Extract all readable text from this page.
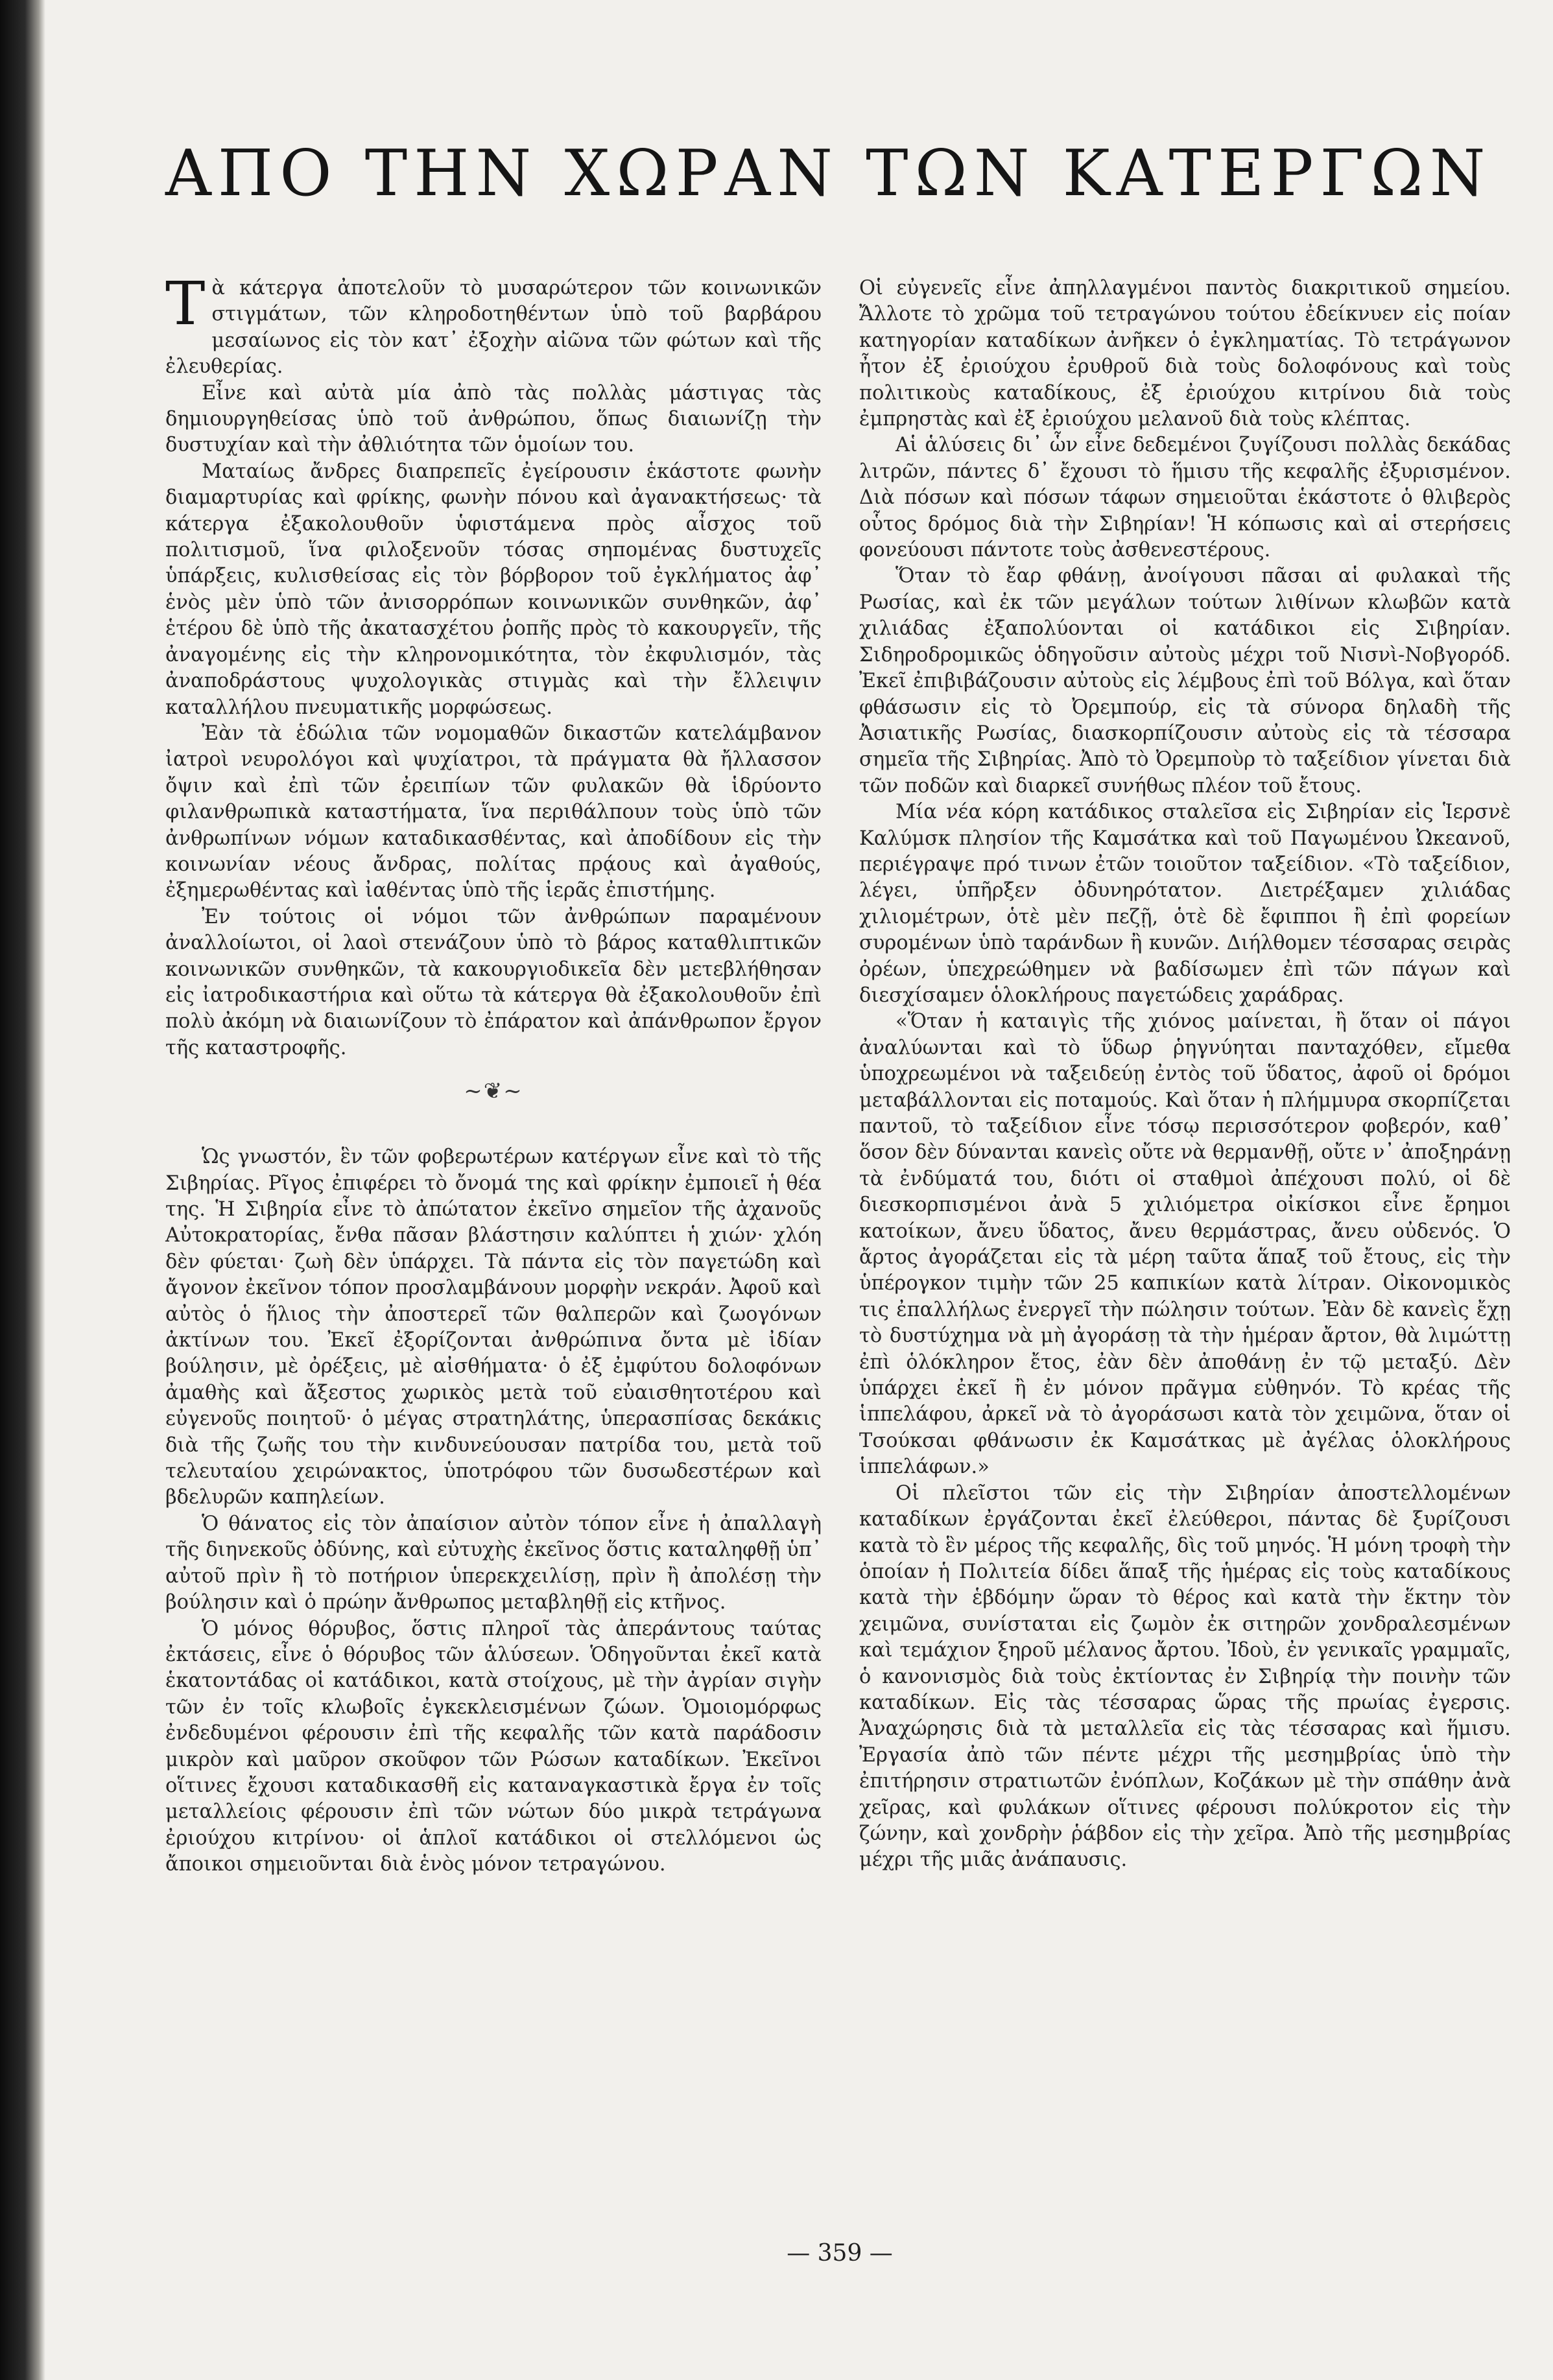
ΑΠΟ ΤΗΝ ΧΩΡΑΝ ΤΩΝ ΚΑΤΕΡΓΩΝ

Τὰ κάτεργα ἀποτελοῦν τὸ μυσαρώτερον τῶν κοινωνικῶν στιγμάτων, τῶν κληροδοτηθέντων ὑπὸ τοῦ βαρβάρου μεσαίωνος εἰς τὸν κατ᾽ ἐξοχὴν αἰῶνα τῶν φώτων καὶ τῆς ἐλευθερίας.

Εἶνε καὶ αὐτὰ μία ἀπὸ τὰς πολλὰς μάστιγας τὰς δημιουργηθείσας ὑπὸ τοῦ ἀνθρώπου, ὅπως διαιωνίζῃ τὴν δυστυχίαν καὶ τὴν ἀθλιότητα τῶν ὁμοίων του.

Ματαίως ἄνδρες διαπρεπεῖς ἐγείρουσιν ἑκάστοτε φωνὴν διαμαρτυρίας καὶ φρίκης, φωνὴν πόνου καὶ ἀγανακτήσεως· τὰ κάτεργα ἐξακολουθοῦν ὑφιστάμενα πρὸς αἶσχος τοῦ πολιτισμοῦ, ἵνα φιλοξενοῦν τόσας σηπομένας δυστυχεῖς ὑπάρξεις, κυλισθείσας εἰς τὸν βόρβορον τοῦ ἐγκλήματος ἀφ᾽ ἑνὸς μὲν ὑπὸ τῶν ἀνισορρόπων κοινωνικῶν συνθηκῶν, ἀφ᾽ ἑτέρου δὲ ὑπὸ τῆς ἀκατασχέτου ῥοπῆς πρὸς τὸ κακουργεῖν, τῆς ἀναγομένης εἰς τὴν κληρονομικότητα, τὸν ἐκφυλισμόν, τὰς ἀναποδράστους ψυχολογικὰς στιγμὰς καὶ τὴν ἔλλειψιν καταλλήλου πνευματικῆς μορφώσεως.

Ἐὰν τὰ ἑδώλια τῶν νομομαθῶν δικαστῶν κατελάμβανον ἰατροὶ νευρολόγοι καὶ ψυχίατροι, τὰ πράγματα θὰ ἤλλασσον ὄψιν καὶ ἐπὶ τῶν ἐρειπίων τῶν φυλακῶν θὰ ἱδρύοντο φιλανθρωπικὰ καταστήματα, ἵνα περιθάλπουν τοὺς ὑπὸ τῶν ἀνθρωπίνων νόμων καταδικασθέντας, καὶ ἀποδίδουν εἰς τὴν κοινωνίαν νέους ἄνδρας, πολίτας πρᾴους καὶ ἀγαθούς, ἐξημερωθέντας καὶ ἰαθέντας ὑπὸ τῆς ἱερᾶς ἐπιστήμης.

Ἐν τούτοις οἱ νόμοι τῶν ἀνθρώπων παραμένουν ἀναλλοίωτοι, οἱ λαοὶ στενάζουν ὑπὸ τὸ βάρος καταθλιπτικῶν κοινωνικῶν συνθηκῶν, τὰ κακουργιοδικεῖα δὲν μετεβλήθησαν εἰς ἰατροδικαστήρια καὶ οὕτω τὰ κάτεργα θὰ ἐξακολουθοῦν ἐπὶ πολὺ ἀκόμη νὰ διαιωνίζουν τὸ ἐπάρατον καὶ ἀπάνθρωπον ἔργον τῆς καταστροφῆς.

~❦~

Ὡς γνωστόν, ἓν τῶν φοβερωτέρων κατέργων εἶνε καὶ τὸ τῆς Σιβηρίας. Ρῖγος ἐπιφέρει τὸ ὄνομά της καὶ φρίκην ἐμποιεῖ ἡ θέα της. Ἡ Σιβηρία εἶνε τὸ ἀπώτατον ἐκεῖνο σημεῖον τῆς ἀχανοῦς Αὐτοκρατορίας, ἔνθα πᾶσαν βλάστησιν καλύπτει ἡ χιών· χλόη δὲν φύεται· ζωὴ δὲν ὑπάρχει. Τὰ πάντα εἰς τὸν παγετώδη καὶ ἄγονον ἐκεῖνον τόπον προσλαμβάνουν μορφὴν νεκράν. Ἀφοῦ καὶ αὐτὸς ὁ ἥλιος τὴν ἀποστερεῖ τῶν θαλπερῶν καὶ ζωογόνων ἀκτίνων του. Ἐκεῖ ἐξορίζονται ἀνθρώπινα ὄντα μὲ ἰδίαν βούλησιν, μὲ ὀρέξεις, μὲ αἰσθήματα· ὁ ἐξ ἐμφύτου δολοφόνων ἀμαθὴς καὶ ἄξεστος χωρικὸς μετὰ τοῦ εὐαισθητοτέρου καὶ εὐγενοῦς ποιητοῦ· ὁ μέγας στρατηλάτης, ὑπερασπίσας δεκάκις διὰ τῆς ζωῆς του τὴν κινδυνεύουσαν πατρίδα του, μετὰ τοῦ τελευταίου χειρώνακτος, ὑποτρόφου τῶν δυσωδεστέρων καὶ βδελυρῶν καπηλείων.

Ὁ θάνατος εἰς τὸν ἀπαίσιον αὐτὸν τόπον εἶνε ἡ ἀπαλλαγὴ τῆς διηνεκοῦς ὀδύνης, καὶ εὐτυχὴς ἐκεῖνος ὅστις καταληφθῇ ὑπ᾽ αὐτοῦ πρὶν ἢ τὸ ποτήριον ὑπερεκχειλίσῃ, πρὶν ἢ ἀπολέσῃ τὴν βούλησιν καὶ ὁ πρώην ἄνθρωπος μεταβληθῇ εἰς κτῆνος.

Ὁ μόνος θόρυβος, ὅστις πληροῖ τὰς ἀπεράντους ταύτας ἐκτάσεις, εἶνε ὁ θόρυβος τῶν ἁλύσεων. Ὁδηγοῦνται ἐκεῖ κατὰ ἑκατοντάδας οἱ κατάδικοι, κατὰ στοίχους, μὲ τὴν ἀγρίαν σιγὴν τῶν ἐν τοῖς κλωβοῖς ἐγκεκλεισμένων ζώων. Ὁμοιομόρφως ἐνδεδυμένοι φέρουσιν ἐπὶ τῆς κεφαλῆς τῶν κατὰ παράδοσιν μικρὸν καὶ μαῦρον σκοῦφον τῶν Ρώσων καταδίκων. Ἐκεῖνοι οἵτινες ἔχουσι καταδικασθῆ εἰς καταναγκαστικὰ ἔργα ἐν τοῖς μεταλλείοις φέρουσιν ἐπὶ τῶν νώτων δύο μικρὰ τετράγωνα ἐριούχου κιτρίνου· οἱ ἁπλοῖ κατάδικοι οἱ στελλόμενοι ὡς ἄποικοι σημειοῦνται διὰ ἑνὸς μόνον τετραγώνου.

Οἱ εὐγενεῖς εἶνε ἀπηλλαγμένοι παντὸς διακριτικοῦ σημείου. Ἄλλοτε τὸ χρῶμα τοῦ τετραγώνου τούτου ἐδείκνυεν εἰς ποίαν κατηγορίαν καταδίκων ἀνῆκεν ὁ ἐγκληματίας. Τὸ τετράγωνον ἦτον ἐξ ἐριούχου ἐρυθροῦ διὰ τοὺς δολοφόνους καὶ τοὺς πολιτικοὺς καταδίκους, ἐξ ἐριούχου κιτρίνου διὰ τοὺς ἐμπρηστὰς καὶ ἐξ ἐριούχου μελανοῦ διὰ τοὺς κλέπτας.

Αἱ ἁλύσεις δι᾽ ὧν εἶνε δεδεμένοι ζυγίζουσι πολλὰς δεκάδας λιτρῶν, πάντες δ᾽ ἔχουσι τὸ ἥμισυ τῆς κεφαλῆς ἐξυρισμένον. Διὰ πόσων καὶ πόσων τάφων σημειοῦται ἑκάστοτε ὁ θλιβερὸς οὗτος δρόμος διὰ τὴν Σιβηρίαν! Ἡ κόπωσις καὶ αἱ στερήσεις φονεύουσι πάντοτε τοὺς ἀσθενεστέρους.

Ὅταν τὸ ἔαρ φθάνῃ, ἀνοίγουσι πᾶσαι αἱ φυλακαὶ τῆς Ρωσίας, καὶ ἐκ τῶν μεγάλων τούτων λιθίνων κλωβῶν κατὰ χιλιάδας ἐξαπολύονται οἱ κατάδικοι εἰς Σιβηρίαν. Σιδηροδρομικῶς ὁδηγοῦσιν αὐτοὺς μέχρι τοῦ Νισνὶ-Νοβγορόδ. Ἐκεῖ ἐπιβιβάζουσιν αὐτοὺς εἰς λέμβους ἐπὶ τοῦ Βόλγα, καὶ ὅταν φθάσωσιν εἰς τὸ Ὀρεμπούρ, εἰς τὰ σύνορα δηλαδὴ τῆς Ἀσιατικῆς Ρωσίας, διασκορπίζουσιν αὐτοὺς εἰς τὰ τέσσαρα σημεῖα τῆς Σιβηρίας. Ἀπὸ τὸ Ὀρεμποὺρ τὸ ταξείδιον γίνεται διὰ τῶν ποδῶν καὶ διαρκεῖ συνήθως πλέον τοῦ ἔτους.

Μία νέα κόρη κατάδικος σταλεῖσα εἰς Σιβηρίαν εἰς Ἱερσνὲ Καλύμσκ πλησίον τῆς Καμσάτκα καὶ τοῦ Παγωμένου Ὠκεανοῦ, περιέγραψε πρό τινων ἐτῶν τοιοῦτον ταξείδιον. «Τὸ ταξείδιον, λέγει, ὑπῆρξεν ὀδυνηρότατον. Διετρέξαμεν χιλιάδας χιλιομέτρων, ὁτὲ μὲν πεζῇ, ὁτὲ δὲ ἔφιπποι ἢ ἐπὶ φορείων συρομένων ὑπὸ ταράνδων ἢ κυνῶν. Διήλθομεν τέσσαρας σειρὰς ὀρέων, ὑπεχρεώθημεν νὰ βαδίσωμεν ἐπὶ τῶν πάγων καὶ διεσχίσαμεν ὁλοκλήρους παγετώδεις χαράδρας.

«Ὅταν ἡ καταιγὶς τῆς χιόνος μαίνεται, ἢ ὅταν οἱ πάγοι ἀναλύωνται καὶ τὸ ὕδωρ ῥηγνύηται πανταχόθεν, εἴμεθα ὑποχρεωμένοι νὰ ταξειδεύῃ ἐντὸς τοῦ ὕδατος, ἀφοῦ οἱ δρόμοι μεταβάλλονται εἰς ποταμούς. Καὶ ὅταν ἡ πλήμμυρα σκορπίζεται παντοῦ, τὸ ταξείδιον εἶνε τόσῳ περισσότερον φοβερόν, καθ᾽ ὅσον δὲν δύνανται κανεὶς οὔτε νὰ θερμανθῇ, οὔτε ν᾽ ἀποξηράνῃ τὰ ἐνδύματά του, διότι οἱ σταθμοὶ ἀπέχουσι πολύ, οἱ δὲ διεσκορπισμένοι ἀνὰ 5 χιλιόμετρα οἰκίσκοι εἶνε ἔρημοι κατοίκων, ἄνευ ὕδατος, ἄνευ θερμάστρας, ἄνευ οὐδενός. Ὁ ἄρτος ἀγοράζεται εἰς τὰ μέρη ταῦτα ἅπαξ τοῦ ἔτους, εἰς τὴν ὑπέρογκον τιμὴν τῶν 25 καπικίων κατὰ λίτραν. Οἰκονομικὸς τις ἐπαλλήλως ἐνεργεῖ τὴν πώλησιν τούτων. Ἐὰν δὲ κανεὶς ἔχῃ τὸ δυστύχημα νὰ μὴ ἀγοράσῃ τὰ τὴν ἡμέραν ἄρτον, θὰ λιμώττῃ ἐπὶ ὁλόκληρον ἔτος, ἐὰν δὲν ἀποθάνῃ ἐν τῷ μεταξύ. Δὲν ὑπάρχει ἐκεῖ ἢ ἐν μόνον πρᾶγμα εὐθηνόν. Τὸ κρέας τῆς ἱππελάφου, ἀρκεῖ νὰ τὸ ἀγοράσωσι κατὰ τὸν χειμῶνα, ὅταν οἱ Τσούκσαι φθάνωσιν ἐκ Καμσάτκας μὲ ἀγέλας ὁλοκλήρους ἱππελάφων.»

Οἱ πλεῖστοι τῶν εἰς τὴν Σιβηρίαν ἀποστελλομένων καταδίκων ἐργάζονται ἐκεῖ ἐλεύθεροι, πάντας δὲ ξυρίζουσι κατὰ τὸ ἓν μέρος τῆς κεφαλῆς, δὶς τοῦ μηνός. Ἡ μόνη τροφὴ τὴν ὁποίαν ἡ Πολιτεία δίδει ἅπαξ τῆς ἡμέρας εἰς τοὺς καταδίκους κατὰ τὴν ἑβδόμην ὥραν τὸ θέρος καὶ κατὰ τὴν ἕκτην τὸν χειμῶνα, συνίσταται εἰς ζωμὸν ἐκ σιτηρῶν χονδραλεσμένων καὶ τεμάχιον ξηροῦ μέλανος ἄρτου. Ἰδοὺ, ἐν γενικαῖς γραμμαῖς, ὁ κανονισμὸς διὰ τοὺς ἐκτίοντας ἐν Σιβηρίᾳ τὴν ποινὴν τῶν καταδίκων. Εἰς τὰς τέσσαρας ὥρας τῆς πρωίας ἐγερσις. Ἀναχώρησις διὰ τὰ μεταλλεῖα εἰς τὰς τέσσαρας καὶ ἥμισυ. Ἐργασία ἀπὸ τῶν πέντε μέχρι τῆς μεσημβρίας ὑπὸ τὴν ἐπιτήρησιν στρατιωτῶν ἐνόπλων, Κοζάκων μὲ τὴν σπάθην ἀνὰ χεῖρας, καὶ φυλάκων οἵτινες φέρουσι πολύκροτον εἰς τὴν ζώνην, καὶ χονδρὴν ῥάβδον εἰς τὴν χεῖρα. Ἀπὸ τῆς μεσημβρίας μέχρι τῆς μιᾶς ἀνάπαυσις.

— 359 —
